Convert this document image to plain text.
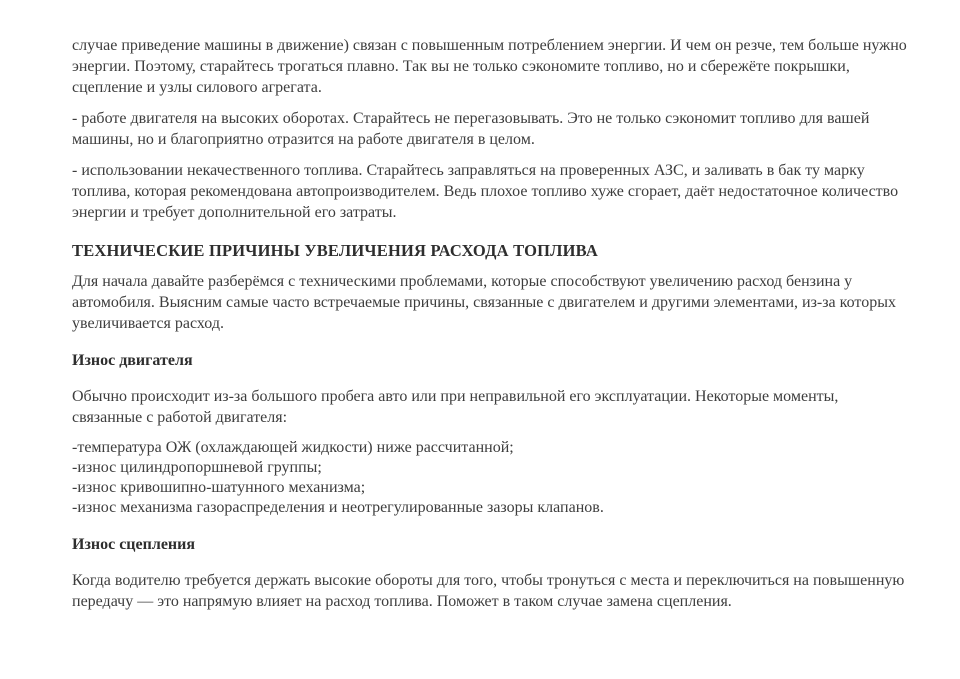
случае приведение машины в движение) связан с повышенным потреблением энергии. И чем он резче, тем больше нужно энергии. Поэтому, старайтесь трогаться плавно. Так вы не только сэкономите топливо, но и сбережёте покрышки, сцепление и узлы силового агрегата.

- работе двигателя на высоких оборотах. Старайтесь не перегазовывать. Это не только сэкономит топливо для вашей машины, но и благоприятно отразится на работе двигателя в целом.

- использовании некачественного топлива. Старайтесь заправляться на проверенных АЗС, и заливать в бак ту марку топлива, которая рекомендована автопроизводителем. Ведь плохое топливо хуже сгорает, даёт недостаточное количество энергии и требует дополнительной его затраты.

ТЕХНИЧЕСКИЕ ПРИЧИНЫ УВЕЛИЧЕНИЯ РАСХОДА ТОПЛИВА

Для начала давайте разберёмся с техническими проблемами, которые способствуют увеличению расход бензина у автомобиля. Выясним самые часто встречаемые причины, связанные с двигателем и другими элементами, из-за которых увеличивается расход.

Износ двигателя

Обычно происходит из-за большого пробега авто или при неправильной его эксплуатации. Некоторые моменты, связанные с работой двигателя:

-температура ОЖ (охлаждающей жидкости) ниже рассчитанной;
-износ цилиндропоршневой группы;
-износ кривошипно-шатунного механизма;
-износ механизма газораспределения и неотрегулированные зазоры клапанов.
Износ сцепления

Когда водителю требуется держать высокие обороты для того, чтобы тронуться с места и переключиться на повышенную передачу — это напрямую влияет на расход топлива. Поможет в таком случае замена сцепления.
